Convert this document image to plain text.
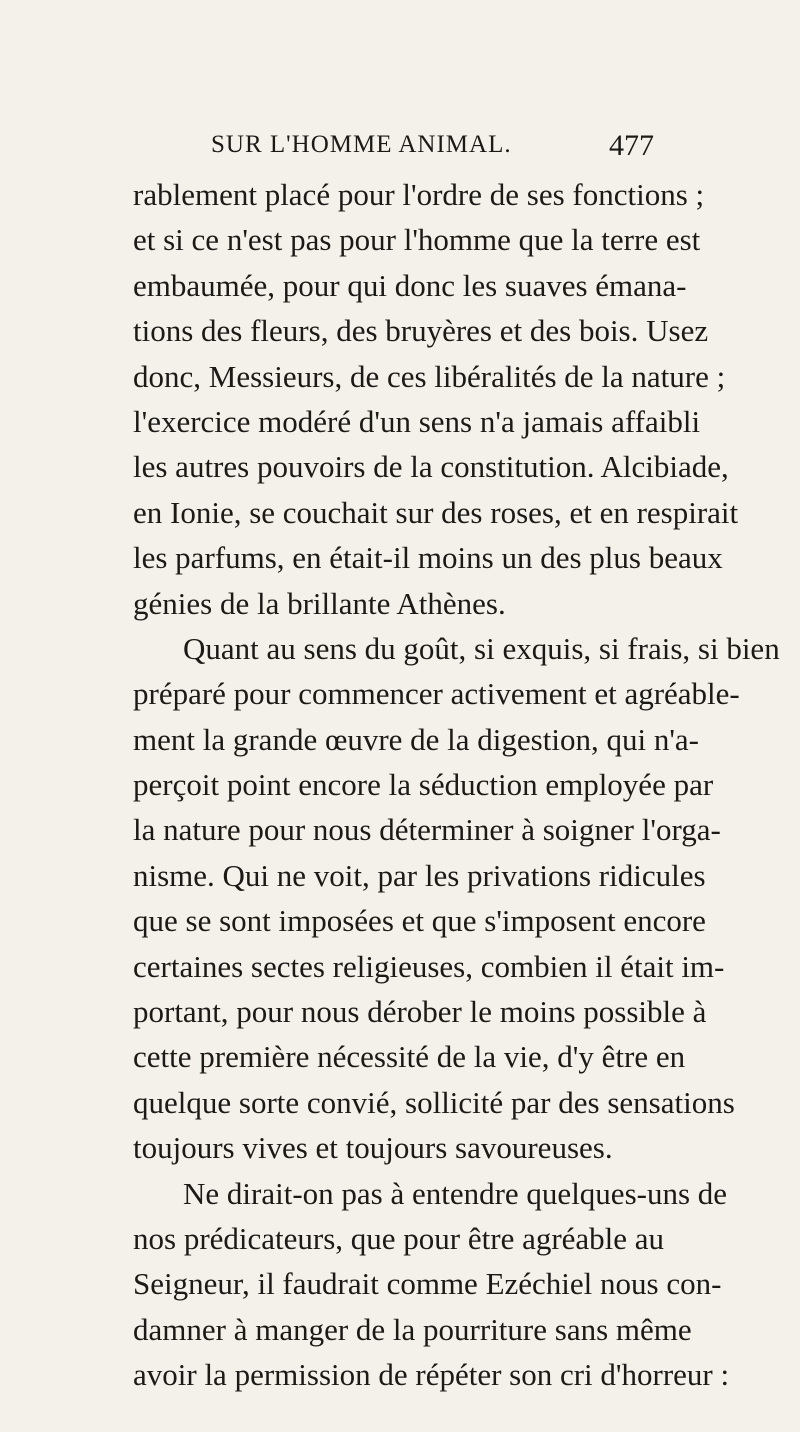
SUR L'HOMME ANIMAL.	477
rablement placé pour l'ordre de ses fonctions ;
et si ce n'est pas pour l'homme que la terre est
embaumée, pour qui donc les suaves émana-
tions des fleurs, des bruyères et des bois. Usez
donc, Messieurs, de ces libéralités de la nature ;
l'exercice modéré d'un sens n'a jamais affaibli
les autres pouvoirs de la constitution. Alcibiade,
en Ionie, se couchait sur des roses, et en respirait
les parfums, en était-il moins un des plus beaux
génies de la brillante Athènes.
Quant au sens du goût, si exquis, si frais, si bien
préparé pour commencer activement et agréable-
ment la grande œuvre de la digestion, qui n'a-
perçoit point encore la séduction employée par
la nature pour nous déterminer à soigner l'orga-
nisme. Qui ne voit, par les privations ridicules
que se sont imposées et que s'imposent encore
certaines sectes religieuses, combien il était im-
portant, pour nous dérober le moins possible à
cette première nécessité de la vie, d'y être en
quelque sorte convié, sollicité par des sensations
toujours vives et toujours savoureuses.
Ne dirait-on pas à entendre quelques-uns de
nos prédicateurs, que pour être agréable au
Seigneur, il faudrait comme Ezéchiel nous con-
damner à manger de la pourriture sans même
avoir la permission de répéter son cri d'horreur :
